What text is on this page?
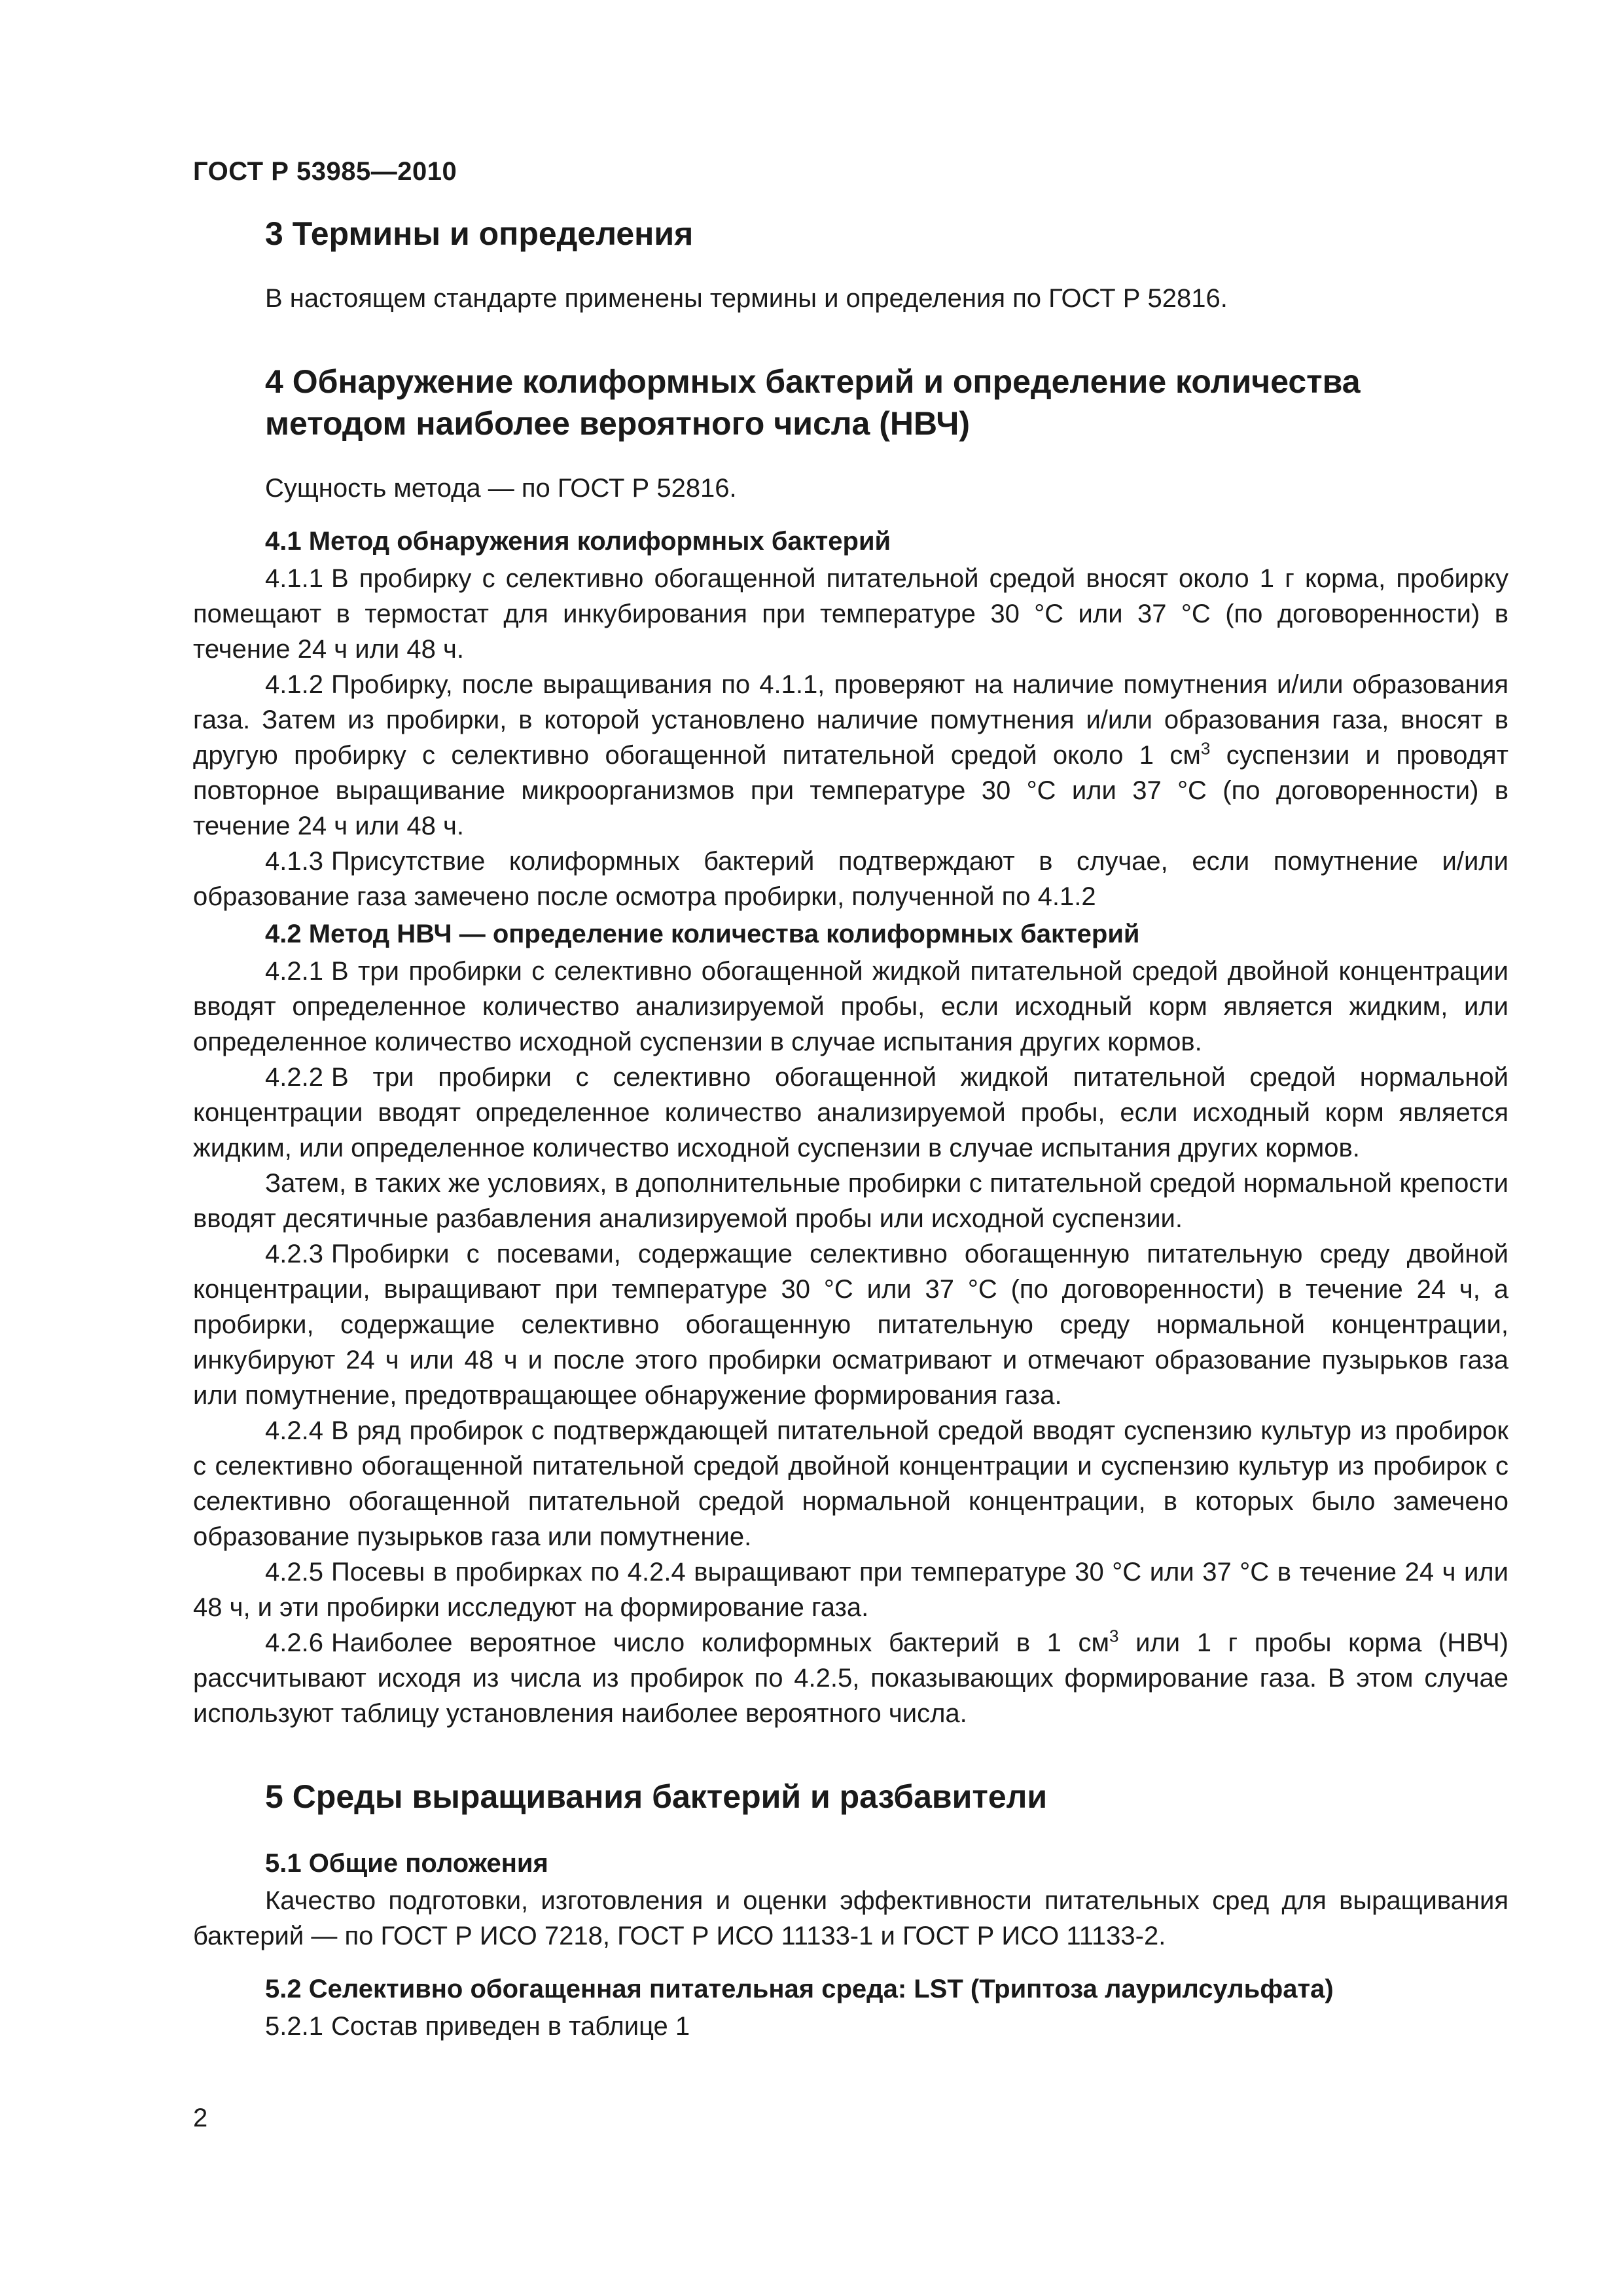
ГОСТ Р 53985—2010
3 Термины и определения

В настоящем стандарте применены термины и определения по ГОСТ Р 52816.

4 Обнаружение колиформных бактерий и определение количества
методом наиболее вероятного числа (НВЧ)

Сущность метода — по ГОСТ Р 52816.

4.1 Метод обнаружения колиформных бактерий

4.1.1 В пробирку с селективно обогащенной питательной средой вносят около 1 г корма, пробирку помещают в термостат для инкубирования при температуре 30 °С или 37 °С (по договоренности) в течение 24 ч или 48 ч.

4.1.2 Пробирку, после выращивания по 4.1.1, проверяют на наличие помутнения и/или образования газа. Затем из пробирки, в которой установлено наличие помутнения и/или образования газа, вносят в другую пробирку с селективно обогащенной питательной средой около 1 $см^3$ суспензии и проводят повторное выращивание микроорганизмов при температуре 30 °С или 37 °С (по договоренности) в течение 24 ч или 48 ч.

4.1.3 Присутствие колиформных бактерий подтверждают в случае, если помутнение и/или образование газа замечено после осмотра пробирки, полученной по 4.1.2

4.2 Метод НВЧ — определение количества колиформных бактерий

4.2.1 В три пробирки с селективно обогащенной жидкой питательной средой двойной концентрации вводят определенное количество анализируемой пробы, если исходный корм является жидким, или определенное количество исходной суспензии в случае испытания других кормов.

4.2.2 В три пробирки с селективно обогащенной жидкой питательной средой нормальной концентрации вводят определенное количество анализируемой пробы, если исходный корм является жидким, или определенное количество исходной суспензии в случае испытания других кормов.

Затем, в таких же условиях, в дополнительные пробирки с питательной средой нормальной крепости вводят десятичные разбавления анализируемой пробы или исходной суспензии.

4.2.3 Пробирки с посевами, содержащие селективно обогащенную питательную среду двойной концентрации, выращивают при температуре 30 °С или 37 °С (по договоренности) в течение 24 ч, а пробирки, содержащие селективно обогащенную питательную среду нормальной концентрации, инкубируют 24 ч или 48 ч и после этого пробирки осматривают и отмечают образование пузырьков газа или помутнение, предотвращающее обнаружение формирования газа.

4.2.4 В ряд пробирок с подтверждающей питательной средой вводят суспензию культур из пробирок с селективно обогащенной питательной средой двойной концентрации и суспензию культур из пробирок с селективно обогащенной питательной средой нормальной концентрации, в которых было замечено образование пузырьков газа или помутнение.

4.2.5 Посевы в пробирках по 4.2.4 выращивают при температуре 30 °С или 37 °С в течение 24 ч или 48 ч, и эти пробирки исследуют на формирование газа.

4.2.6 Наиболее вероятное число колиформных бактерий в 1 $см^3$ или 1 г пробы корма (НВЧ) рассчитывают исходя из числа из пробирок по 4.2.5, показывающих формирование газа. В этом случае используют таблицу установления наиболее вероятного числа.

5 Среды выращивания бактерий и разбавители
5.1 Общие положения

Качество подготовки, изготовления и оценки эффективности питательных сред для выращивания бактерий — по ГОСТ Р ИСО 7218, ГОСТ Р ИСО 11133-1 и ГОСТ Р ИСО 11133-2.

5.2 Селективно обогащенная питательная среда: LST (Триптоза лаурилсульфата)

5.2.1 Состав приведен в таблице 1

2
